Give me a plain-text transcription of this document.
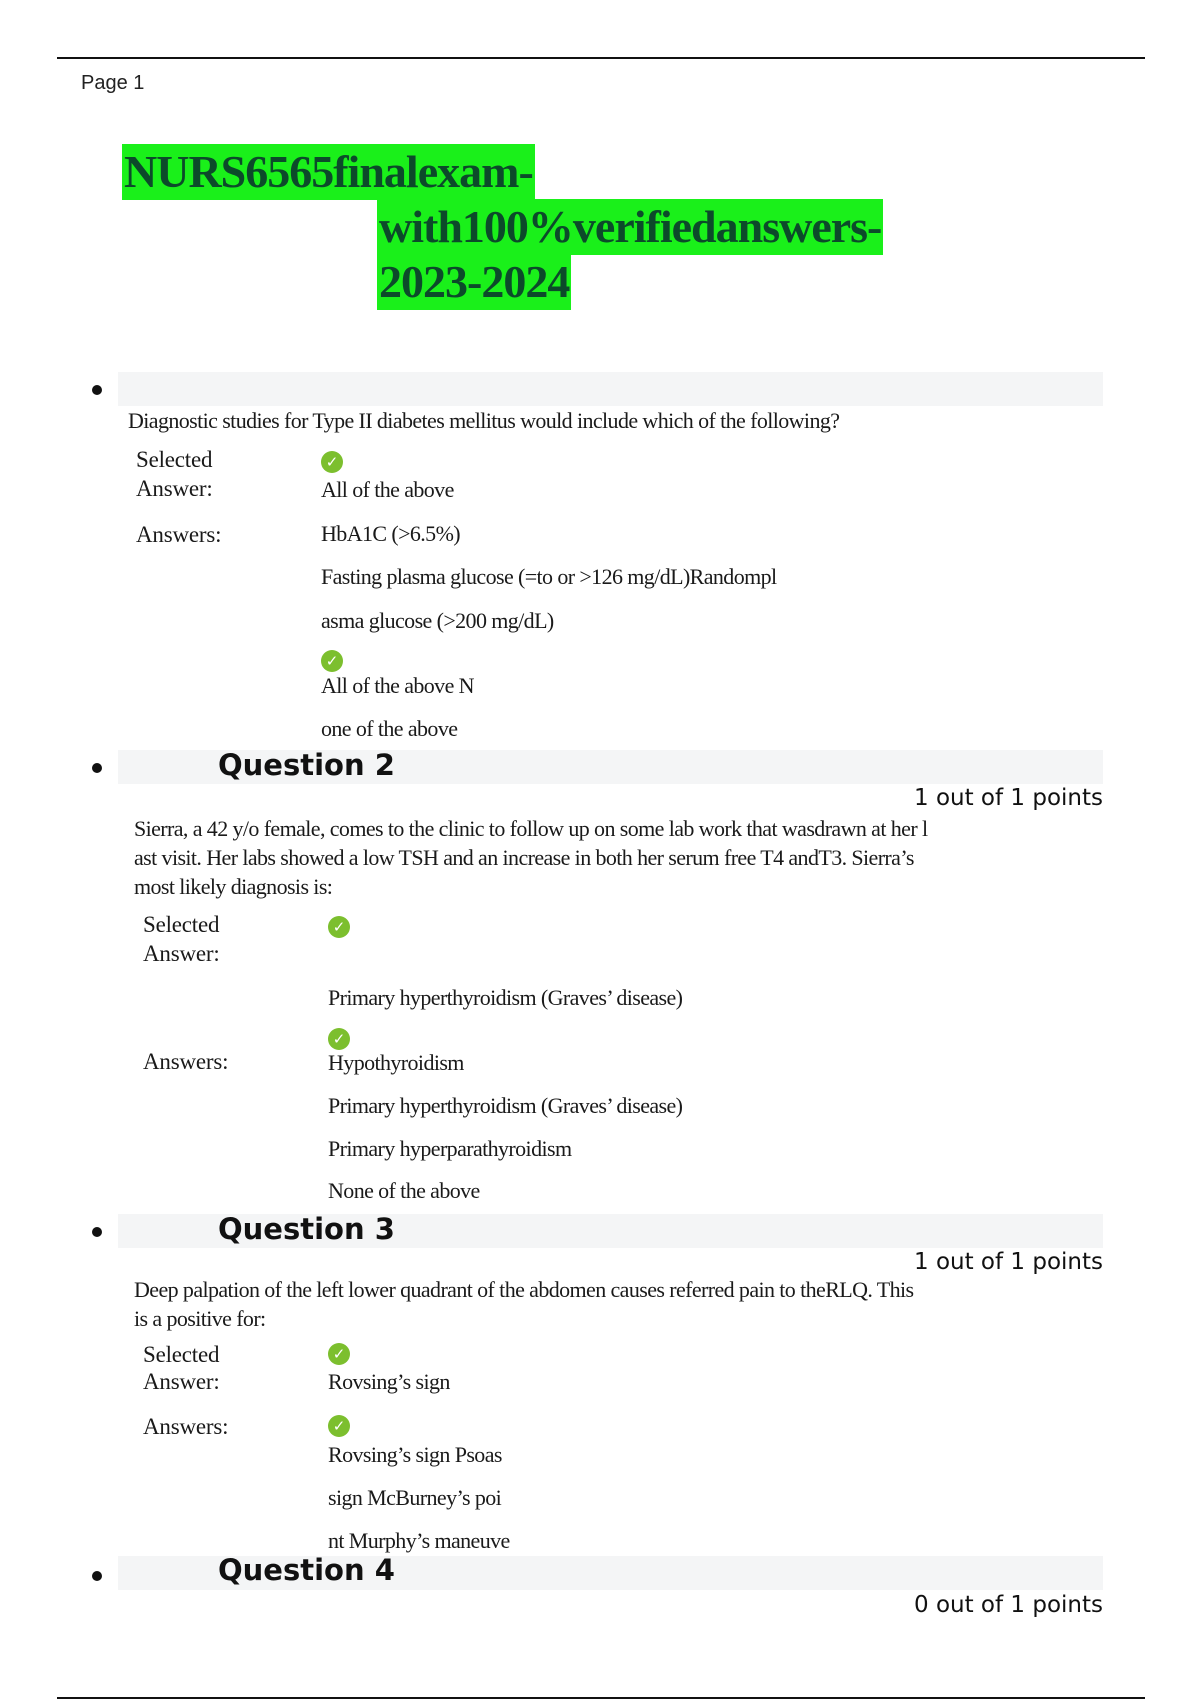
Page 1
NURS6565finalexam-
with100%verifiedanswers-
2023-2024
Diagnostic studies for Type II diabetes mellitus would include which of the following?
Selected
Answer:
✓
All of the above
Answers:	HbA1C (>6.5%)
Fasting plasma glucose (=to or >126 mg/dL)Randompl
asma glucose (>200 mg/dL)
✓
All of the above N
one of the above
Question 2
1 out of 1 points
Sierra, a 42 y/o female, comes to the clinic to follow up on some lab work that wasdrawn at her l
ast visit. Her labs showed a low TSH and an increase in both her serum free T4 andT3. Sierra’s
most likely diagnosis is:
Selected
Answer:
✓
Primary hyperthyroidism (Graves’ disease)
✓
Answers:	Hypothyroidism
Primary hyperthyroidism (Graves’ disease)
Primary hyperparathyroidism
None of the above
Question 3
1 out of 1 points
Deep palpation of the left lower quadrant of the abdomen causes referred pain to theRLQ. This
is a positive for:
Selected
Answer:
✓
Rovsing’s sign
Answers:	✓
Rovsing’s sign Psoas
sign McBurney’s poi
nt Murphy’s maneuve
Question 4
0 out of 1 points
